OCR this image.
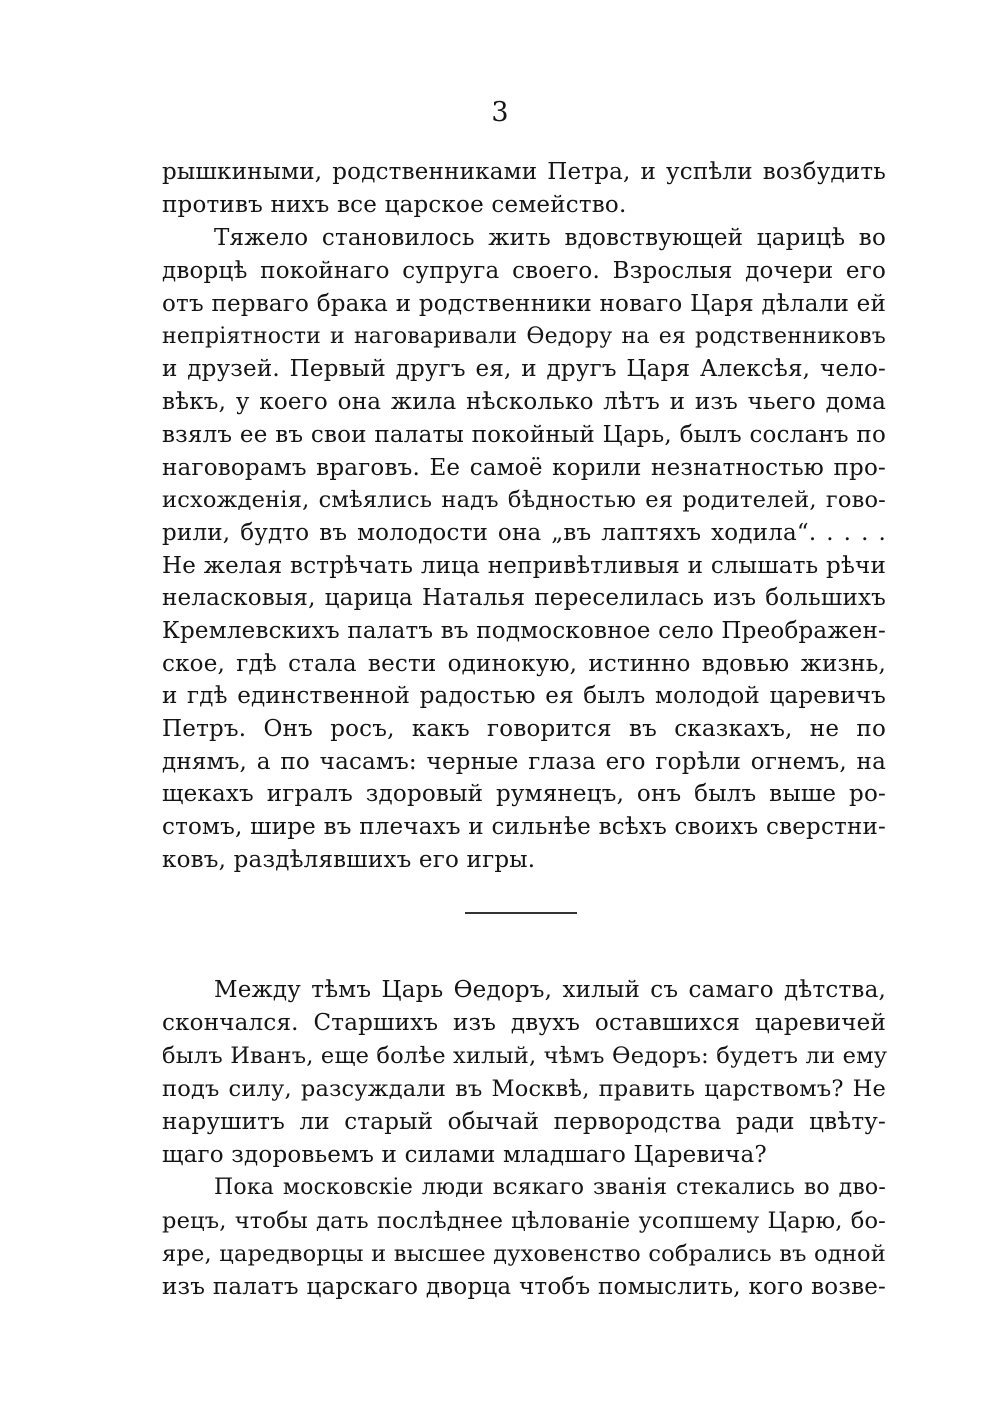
3
рышкиными, родственниками Петра, и успѣли возбудить
противъ нихъ все царское семейство.
Тяжело становилось жить вдовствующей царицѣ во
дворцѣ покойнаго супруга своего. Взрослыя дочери его
отъ перваго брака и родственники новаго Царя дѣлали ей
непріятности и наговаривали Ѳедору на ея родственниковъ
и друзей. Первый другъ ея, и другъ Царя Алексѣя, чело-
вѣкъ, у коего она жила нѣсколько лѣтъ и изъ чьего дома
взялъ ее въ свои палаты покойный Царь, былъ сосланъ по
наговорамъ враговъ. Ее самоё корили незнатностью про-
исхожденія, смѣялись надъ бѣдностью ея родителей, гово-
рили, будто въ молодости она „въ лаптяхъ ходила“. . . . .
Не желая встрѣчать лица непривѣтливыя и слышать рѣчи
неласковыя, царица Наталья переселилась изъ большихъ
Кремлевскихъ палатъ въ подмосковное село Преображен-
ское, гдѣ стала вести одинокую, истинно вдовью жизнь,
и гдѣ единственной радостью ея былъ молодой царевичъ
Петръ. Онъ росъ, какъ говорится въ сказкахъ, не по
днямъ, а по часамъ: черные глаза его горѣли огнемъ, на
щекахъ игралъ здоровый румянецъ, онъ былъ выше ро-
стомъ, шире въ плечахъ и сильнѣе всѣхъ своихъ сверстни-
ковъ, раздѣлявшихъ его игры.
Между тѣмъ Царь Ѳедоръ, хилый съ самаго дѣтства,
скончался. Старшихъ изъ двухъ оставшихся царевичей
былъ Иванъ, еще болѣе хилый, чѣмъ Ѳедоръ: будетъ ли ему
подъ силу, разсуждали въ Москвѣ, править царствомъ? Не
нарушитъ ли старый обычай первородства ради цвѣту-
щаго здоровьемъ и силами младшаго Царевича?
Пока московскіе люди всякаго званія стекались во дво-
рецъ, чтобы дать послѣднее цѣлованіе усопшему Царю, бо-
яре, царедворцы и высшее духовенство собрались въ одной
изъ палатъ царскаго дворца чтобъ помыслить, кого возве-
